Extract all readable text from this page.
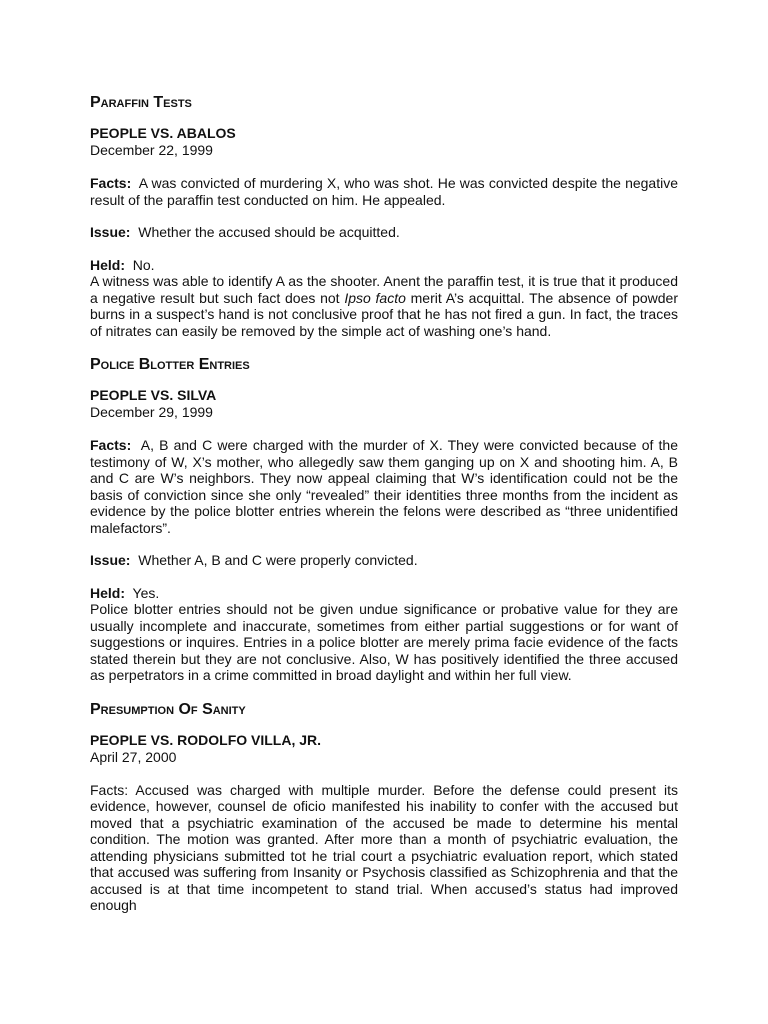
Paraffin Tests
PEOPLE VS. ABALOS
December 22, 1999

Facts: A was convicted of murdering X, who was shot. He was convicted despite the negative result of the paraffin test conducted on him. He appealed.

Issue: Whether the accused should be acquitted.

Held: No.

A witness was able to identify A as the shooter. Anent the paraffin test, it is true that it produced a negative result but such fact does not Ipso facto merit A’s acquittal. The absence of powder burns in a suspect’s hand is not conclusive proof that he has not fired a gun. In fact, the traces of nitrates can easily be removed by the simple act of washing one’s hand.

Police Blotter Entries
PEOPLE VS. SILVA
December 29, 1999

Facts: A, B and C were charged with the murder of X. They were convicted because of the testimony of W, X’s mother, who allegedly saw them ganging up on X and shooting him. A, B and C are W’s neighbors. They now appeal claiming that W’s identification could not be the basis of conviction since she only “revealed” their identities three months from the incident as evidence by the police blotter entries wherein the felons were described as “three unidentified malefactors”.

Issue: Whether A, B and C were properly convicted.

Held: Yes.

Police blotter entries should not be given undue significance or probative value for they are usually incomplete and inaccurate, sometimes from either partial suggestions or for want of suggestions or inquires. Entries in a police blotter are merely prima facie evidence of the facts stated therein but they are not conclusive. Also, W has positively identified the three accused as perpetrators in a crime committed in broad daylight and within her full view.

Presumption Of Sanity
PEOPLE VS. RODOLFO VILLA, JR.
April 27, 2000

Facts: Accused was charged with multiple murder. Before the defense could present its evidence, however, counsel de oficio manifested his inability to confer with the accused but moved that a psychiatric examination of the accused be made to determine his mental condition. The motion was granted. After more than a month of psychiatric evaluation, the attending physicians submitted tot he trial court a psychiatric evaluation report, which stated that accused was suffering from Insanity or Psychosis classified as Schizophrenia and that the accused is at that time incompetent to stand trial. When accused’s status had improved enough
